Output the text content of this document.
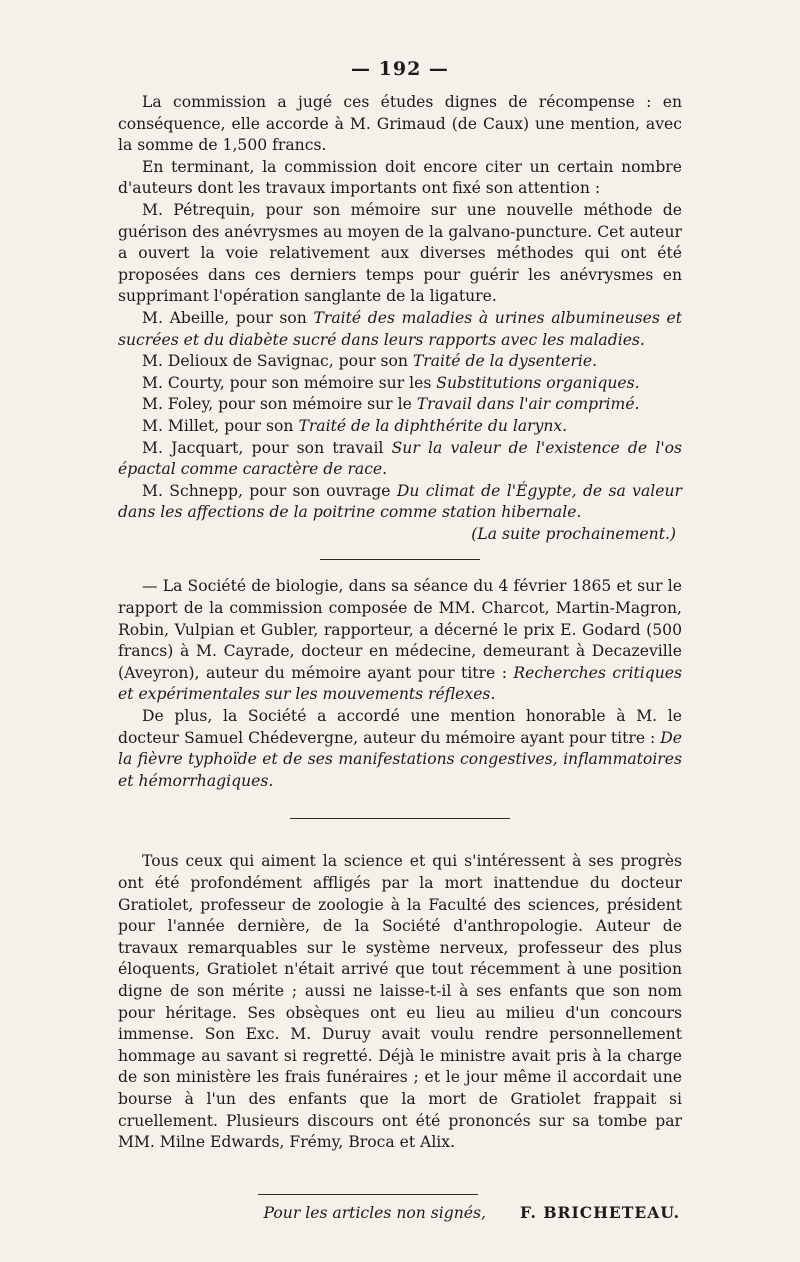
— 192 —

La commission a jugé ces études dignes de récompense : en conséquence, elle accorde à M. Grimaud (de Caux) une mention, avec la somme de 1,500 francs.

En terminant, la commission doit encore citer un certain nombre d'auteurs dont les travaux importants ont fixé son attention :

M. Pétrequin, pour son mémoire sur une nouvelle méthode de guérison des anévrysmes au moyen de la galvano-puncture. Cet auteur a ouvert la voie relativement aux diverses méthodes qui ont été proposées dans ces derniers temps pour guérir les anévrysmes en supprimant l'opération sanglante de la ligature.

M. Abeille, pour son Traité des maladies à urines albumineuses et sucrées et du diabète sucré dans leurs rapports avec les maladies.

M. Delioux de Savignac, pour son Traité de la dysenterie.

M. Courty, pour son mémoire sur les Substitutions organiques.

M. Foley, pour son mémoire sur le Travail dans l'air comprimé.

M. Millet, pour son Traité de la diphthérite du larynx.

M. Jacquart, pour son travail Sur la valeur de l'existence de l'os épactal comme caractère de race.

M. Schnepp, pour son ouvrage Du climat de l'Égypte, de sa valeur dans les affections de la poitrine comme station hibernale.

(La suite prochainement.)

— La Société de biologie, dans sa séance du 4 février 1865 et sur le rapport de la commission composée de MM. Charcot, Martin-Magron, Robin, Vulpian et Gubler, rapporteur, a décerné le prix E. Godard (500 francs) à M. Cayrade, docteur en médecine, demeurant à Decazeville (Aveyron), auteur du mémoire ayant pour titre : Recherches critiques et expérimentales sur les mouvements réflexes.

De plus, la Société a accordé une mention honorable à M. le docteur Samuel Chédevergne, auteur du mémoire ayant pour titre : De la fièvre typhoïde et de ses manifestations congestives, inflammatoires et hémorrhagiques.

Tous ceux qui aiment la science et qui s'intéressent à ses progrès ont été profondément affligés par la mort inattendue du docteur Gratiolet, professeur de zoologie à la Faculté des sciences, président pour l'année dernière, de la Société d'anthropologie. Auteur de travaux remarquables sur le système nerveux, professeur des plus éloquents, Gratiolet n'était arrivé que tout récemment à une position digne de son mérite ; aussi ne laisse-t-il à ses enfants que son nom pour héritage. Ses obsèques ont eu lieu au milieu d'un concours immense. Son Exc. M. Duruy avait voulu rendre personnellement hommage au savant si regretté. Déjà le ministre avait pris à la charge de son ministère les frais funéraires ; et le jour même il accordait une bourse à l'un des enfants que la mort de Gratiolet frappait si cruellement. Plusieurs discours ont été prononcés sur sa tombe par MM. Milne Edwards, Frémy, Broca et Alix.

Pour les articles non signés, F. BRICHETEAU.
